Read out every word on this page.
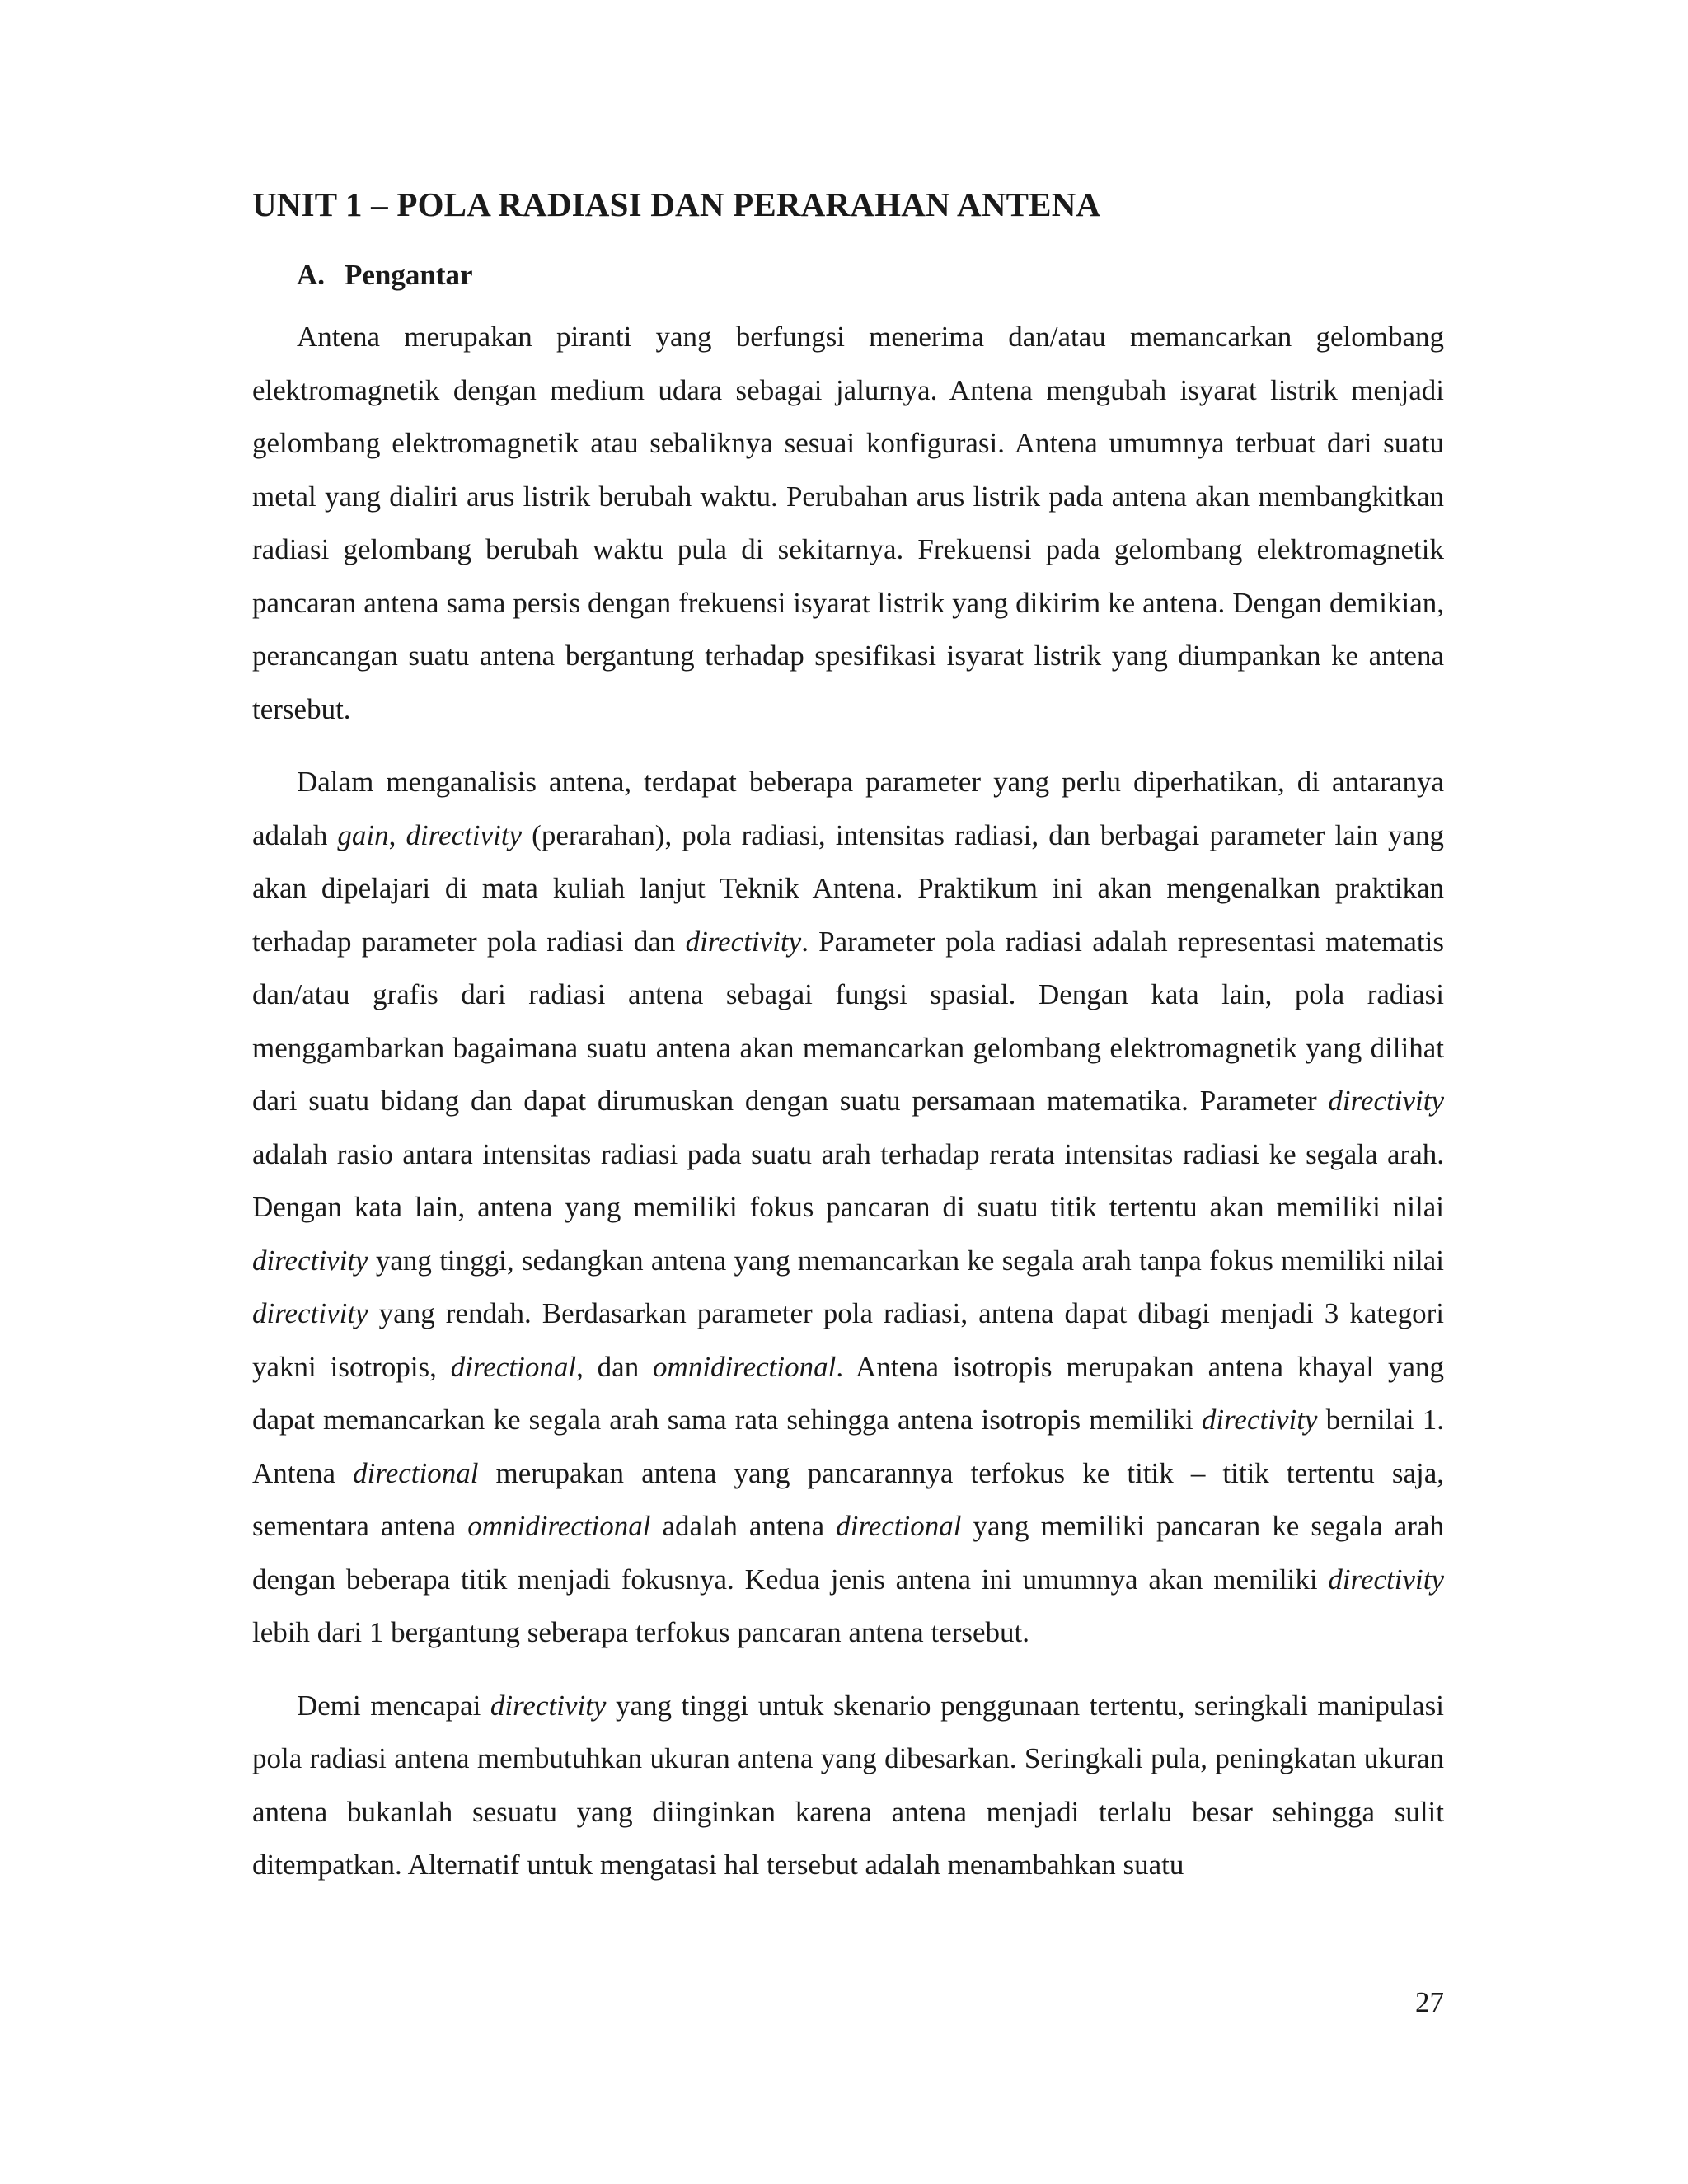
UNIT 1 – POLA RADIASI DAN PERARAHAN ANTENA
A. Pengantar

Antena merupakan piranti yang berfungsi menerima dan/atau memancarkan gelombang elektromagnetik dengan medium udara sebagai jalurnya. Antena mengubah isyarat listrik menjadi gelombang elektromagnetik atau sebaliknya sesuai konfigurasi. Antena umumnya terbuat dari suatu metal yang dialiri arus listrik berubah waktu. Perubahan arus listrik pada antena akan membangkitkan radiasi gelombang berubah waktu pula di sekitarnya. Frekuensi pada gelombang elektromagnetik pancaran antena sama persis dengan frekuensi isyarat listrik yang dikirim ke antena. Dengan demikian, perancangan suatu antena bergantung terhadap spesifikasi isyarat listrik yang diumpankan ke antena tersebut.

Dalam menganalisis antena, terdapat beberapa parameter yang perlu diperhatikan, di antaranya adalah gain, directivity (perarahan), pola radiasi, intensitas radiasi, dan berbagai parameter lain yang akan dipelajari di mata kuliah lanjut Teknik Antena. Praktikum ini akan mengenalkan praktikan terhadap parameter pola radiasi dan directivity. Parameter pola radiasi adalah representasi matematis dan/atau grafis dari radiasi antena sebagai fungsi spasial. Dengan kata lain, pola radiasi menggambarkan bagaimana suatu antena akan memancarkan gelombang elektromagnetik yang dilihat dari suatu bidang dan dapat dirumuskan dengan suatu persamaan matematika. Parameter directivity adalah rasio antara intensitas radiasi pada suatu arah terhadap rerata intensitas radiasi ke segala arah. Dengan kata lain, antena yang memiliki fokus pancaran di suatu titik tertentu akan memiliki nilai directivity yang tinggi, sedangkan antena yang memancarkan ke segala arah tanpa fokus memiliki nilai directivity yang rendah. Berdasarkan parameter pola radiasi, antena dapat dibagi menjadi 3 kategori yakni isotropis, directional, dan omnidirectional. Antena isotropis merupakan antena khayal yang dapat memancarkan ke segala arah sama rata sehingga antena isotropis memiliki directivity bernilai 1. Antena directional merupakan antena yang pancarannya terfokus ke titik – titik tertentu saja, sementara antena omnidirectional adalah antena directional yang memiliki pancaran ke segala arah dengan beberapa titik menjadi fokusnya. Kedua jenis antena ini umumnya akan memiliki directivity lebih dari 1 bergantung seberapa terfokus pancaran antena tersebut.

Demi mencapai directivity yang tinggi untuk skenario penggunaan tertentu, seringkali manipulasi pola radiasi antena membutuhkan ukuran antena yang dibesarkan. Seringkali pula, peningkatan ukuran antena bukanlah sesuatu yang diinginkan karena antena menjadi terlalu besar sehingga sulit ditempatkan. Alternatif untuk mengatasi hal tersebut adalah menambahkan suatu

27
